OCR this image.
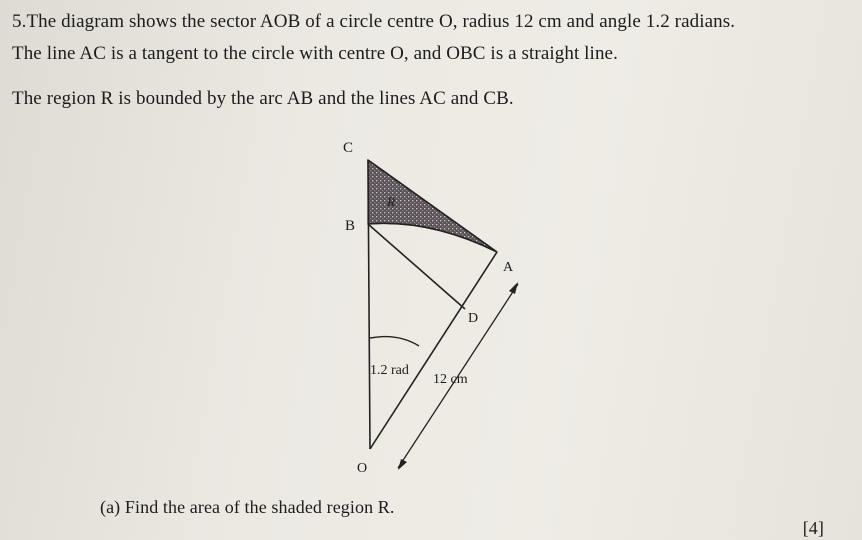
5.The diagram shows the sector AOB of a circle centre O, radius 12 cm and angle 1.2 radians.
The line AC is a tangent to the circle with centre O, and OBC is a straight line.
The region R is bounded by the arc AB and the lines AC and CB.
C
B
R
A
D
1.2 rad
12 cm
O
(a) Find the area of the shaded region R.
[4]
